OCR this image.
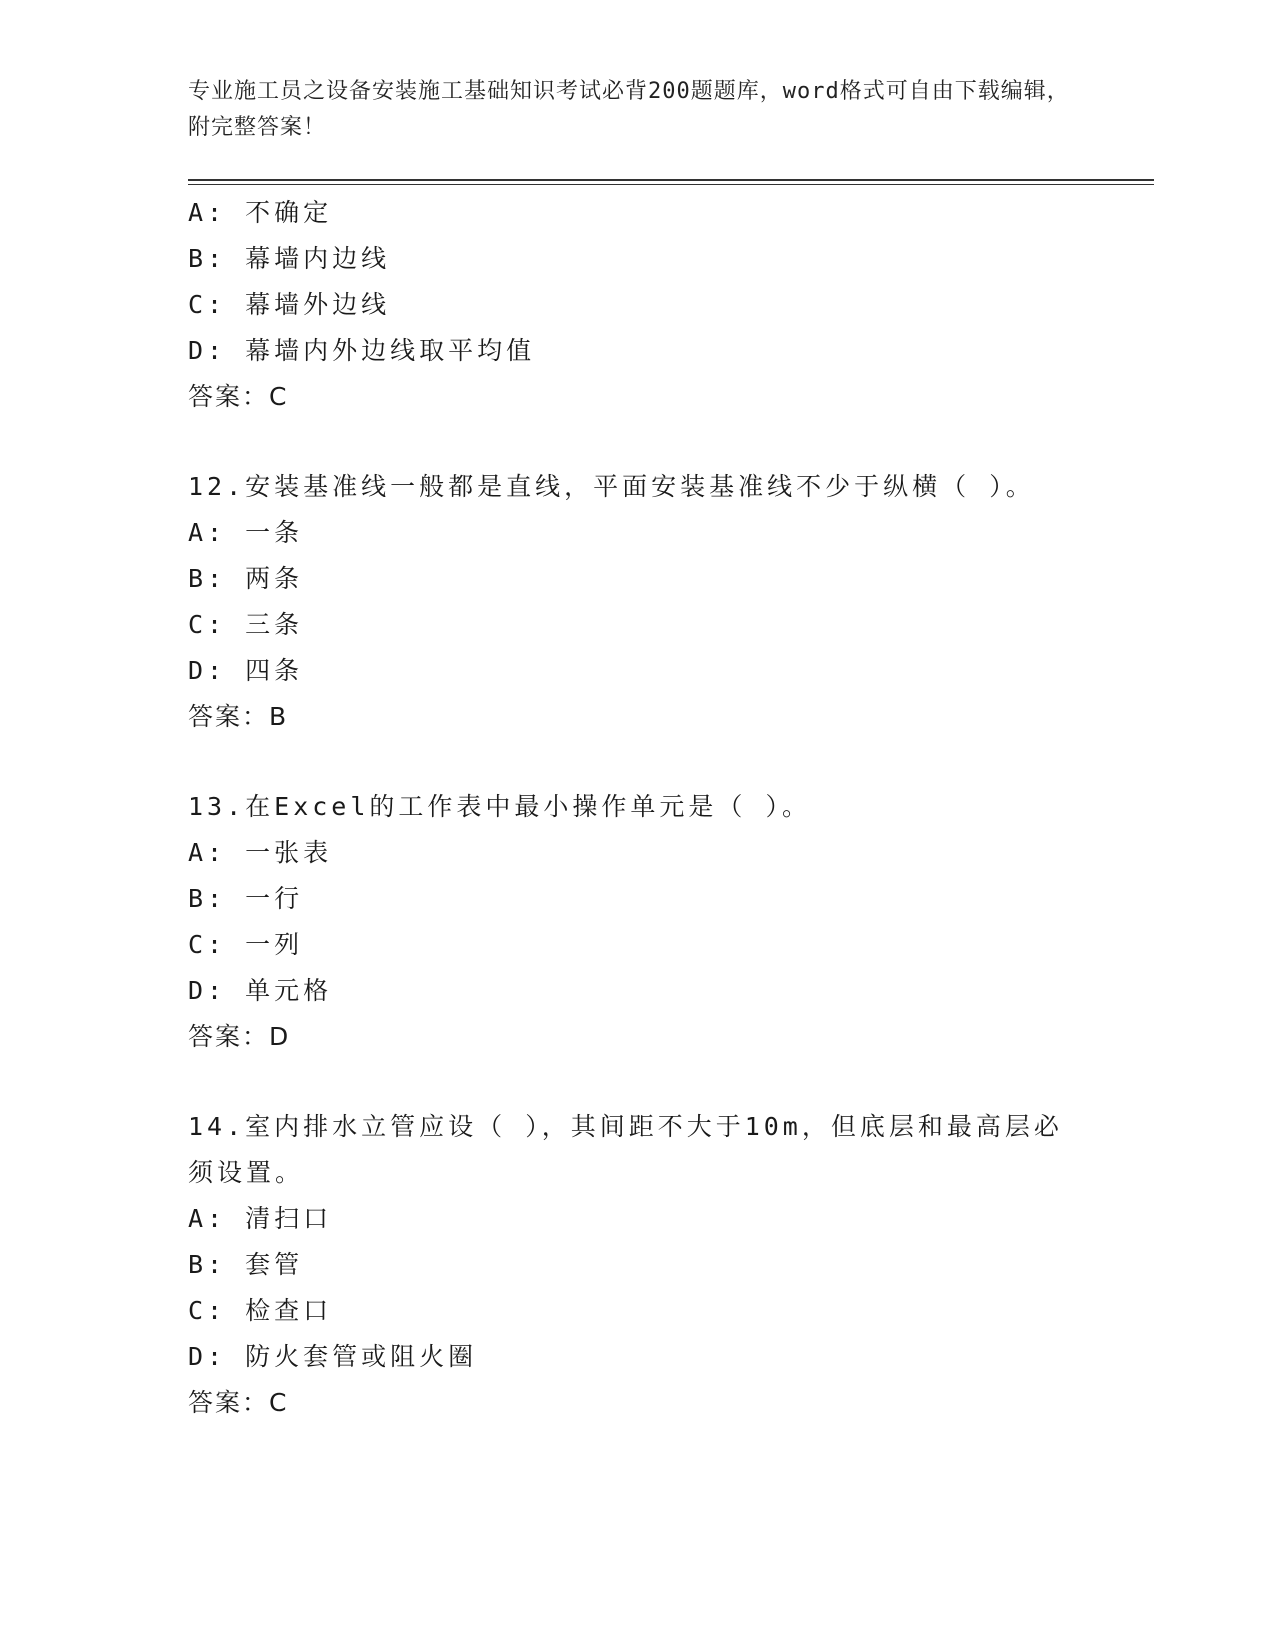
专业施工员之设备安装施工基础知识考试必背200题题库，word格式可自由下载编辑，附完整答案！
A: 不确定
B: 幕墙内边线
C: 幕墙外边线
D: 幕墙内外边线取平均值
答案：C
12.安装基准线一般都是直线，平面安装基准线不少于纵横（ ）。
A: 一条
B: 两条
C: 三条
D: 四条
答案：B
13.在Excel的工作表中最小操作单元是（ ）。
A: 一张表
B: 一行
C: 一列
D: 单元格
答案：D
14.室内排水立管应设（ ），其间距不大于10m，但底层和最高层必须设置。
A: 清扫口
B: 套管
C: 检查口
D: 防火套管或阻火圈
答案：C
